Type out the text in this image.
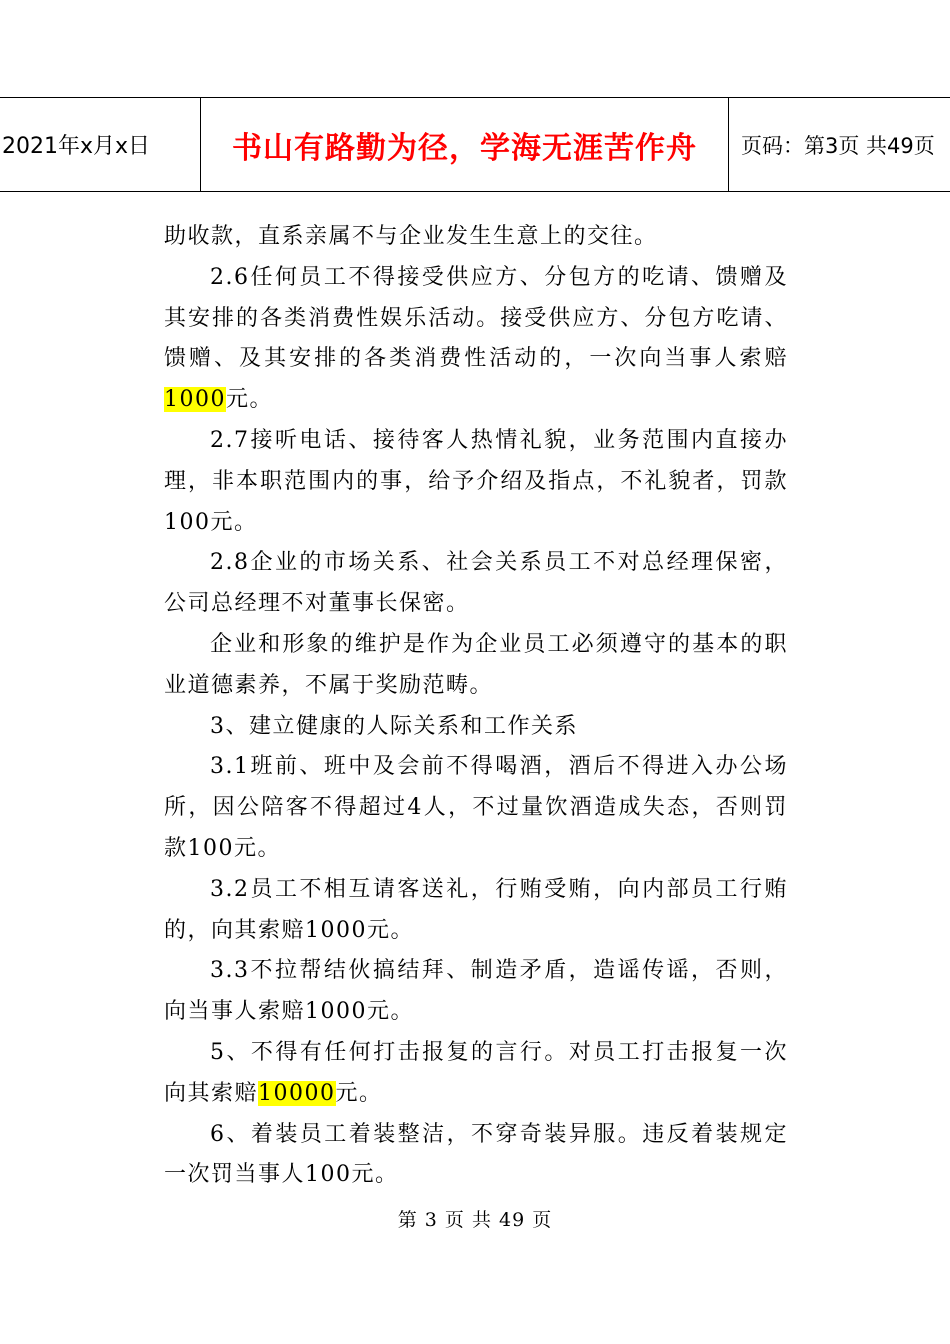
2021年x月x日	书山有路勤为径，学海无涯苦作舟	页码：第3页 共49页
助收款，直系亲属不与企业发生生意上的交往。
2.6任何员工不得接受供应方、分包方的吃请、馈赠及
其安排的各类消费性娱乐活动。接受供应方、分包方吃请、
馈赠、及其安排的各类消费性活动的，一次向当事人索赔
1000元。
2.7接听电话、接待客人热情礼貌，业务范围内直接办
理，非本职范围内的事，给予介绍及指点，不礼貌者，罚款
100元。
2.8企业的市场关系、社会关系员工不对总经理保密，
公司总经理不对董事长保密。
企业和形象的维护是作为企业员工必须遵守的基本的职
业道德素养，不属于奖励范畴。
3、建立健康的人际关系和工作关系
3.1班前、班中及会前不得喝酒，酒后不得进入办公场
所，因公陪客不得超过4人，不过量饮酒造成失态，否则罚
款100元。
3.2员工不相互请客送礼，行贿受贿，向内部员工行贿
的，向其索赔1000元。
3.3不拉帮结伙搞结拜、制造矛盾，造谣传谣，否则，
向当事人索赔1000元。
5、不得有任何打击报复的言行。对员工打击报复一次
向其索赔10000元。
6、着装员工着装整洁，不穿奇装异服。违反着装规定
一次罚当事人100元。
第 3 页 共 49 页
